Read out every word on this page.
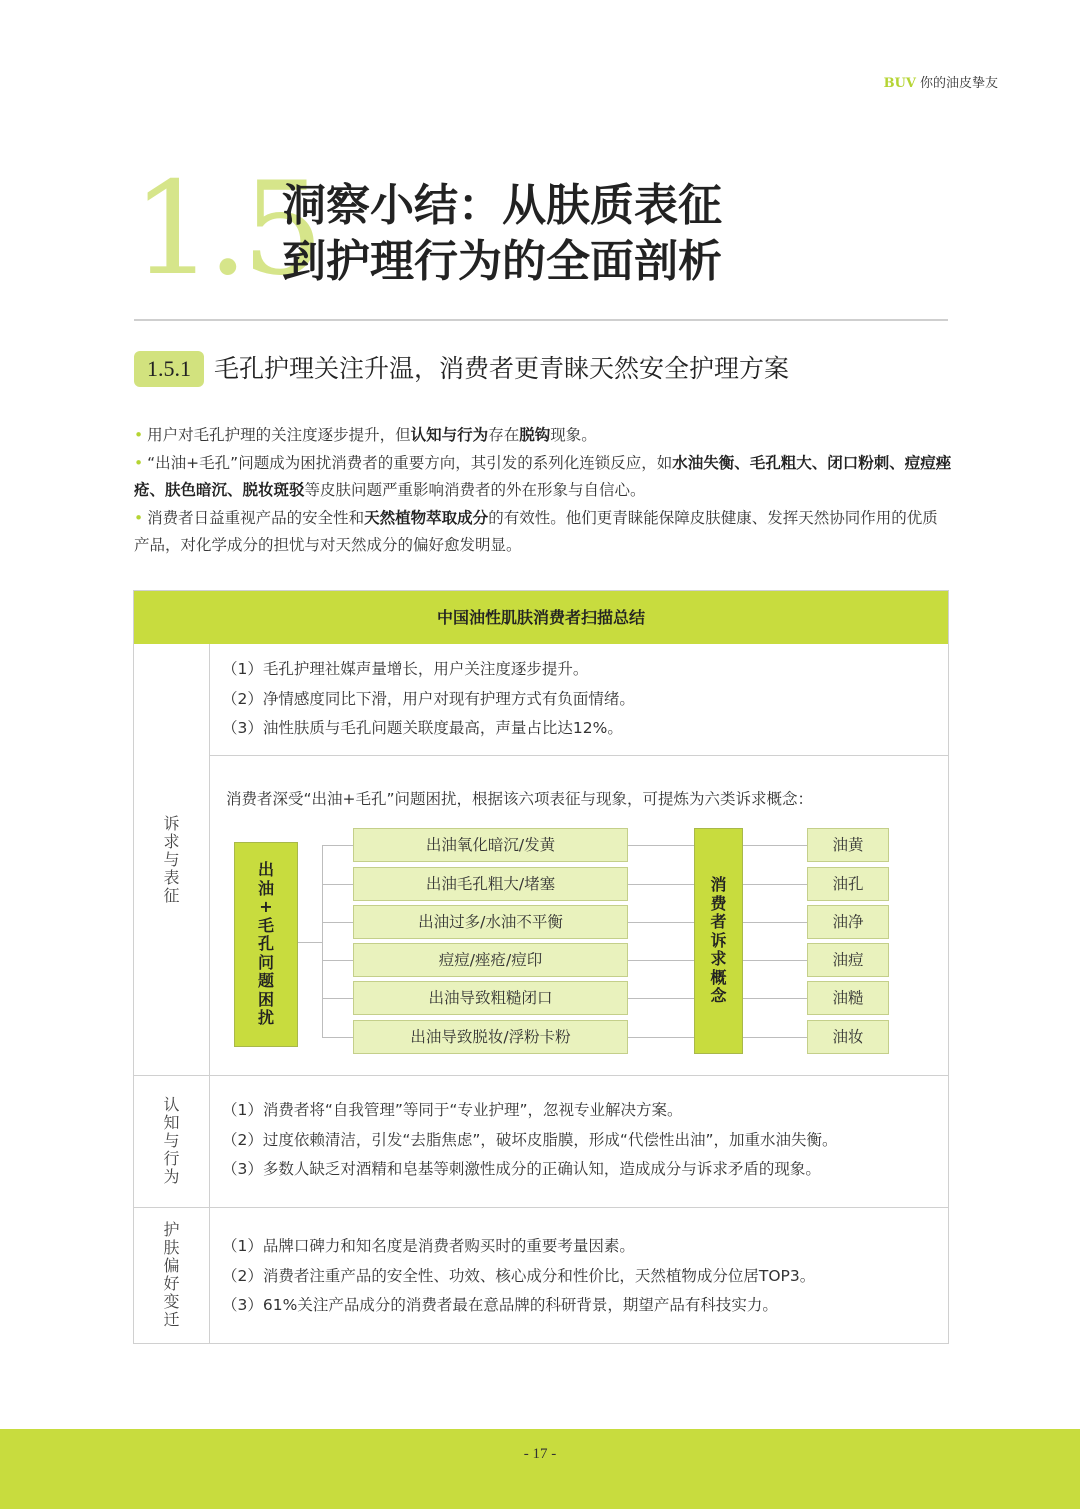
BUV 你的油皮挚友
1.5
洞察小结：从肤质表征
到护理行为的全面剖析
1.5.1 毛孔护理关注升温，消费者更青睐天然安全护理方案

• 用户对毛孔护理的关注度逐步提升，但认知与行为存在脱钩现象。

• “出油+毛孔”问题成为困扰消费者的重要方向，其引发的系列化连锁反应，如水油失衡、毛孔粗大、闭口粉刺、痘痘痤疮、肤色暗沉、脱妆斑驳等皮肤问题严重影响消费者的外在形象与自信心。

• 消费者日益重视产品的安全性和天然植物萃取成分的有效性。他们更青睐能保障皮肤健康、发挥天然协同作用的优质产品，对化学成分的担忧与对天然成分的偏好愈发明显。

中国油性肌肤消费者扫描总结
诉
求
与
表
征
（1）毛孔护理社媒声量增长，用户关注度逐步提升。
（2）净情感度同比下滑，用户对现有护理方式有负面情绪。
（3）油性肤质与毛孔问题关联度最高，声量占比达12%。
消费者深受“出油+毛孔”问题困扰，根据该六项表征与现象，可提炼为六类诉求概念：
出
油
+
毛
孔
问
题
困
扰
出油氧化暗沉/发黄
出油毛孔粗大/堵塞
出油过多/水油不平衡
痘痘/痤疮/痘印
出油导致粗糙闭口
出油导致脱妆/浮粉卡粉
消
费
者
诉
求
概
念
油黄
油孔
油净
油痘
油糙
油妆
认
知
与
行
为
（1）消费者将“自我管理”等同于“专业护理”，忽视专业解决方案。
（2）过度依赖清洁，引发“去脂焦虑”，破坏皮脂膜，形成“代偿性出油”，加重水油失衡。
（3）多数人缺乏对酒精和皂基等刺激性成分的正确认知，造成成分与诉求矛盾的现象。
护
肤
偏
好
变
迁
（1）品牌口碑力和知名度是消费者购买时的重要考量因素。
（2）消费者注重产品的安全性、功效、核心成分和性价比，天然植物成分位居TOP3。
（3）61%关注产品成分的消费者最在意品牌的科研背景，期望产品有科技实力。
- 17 -
